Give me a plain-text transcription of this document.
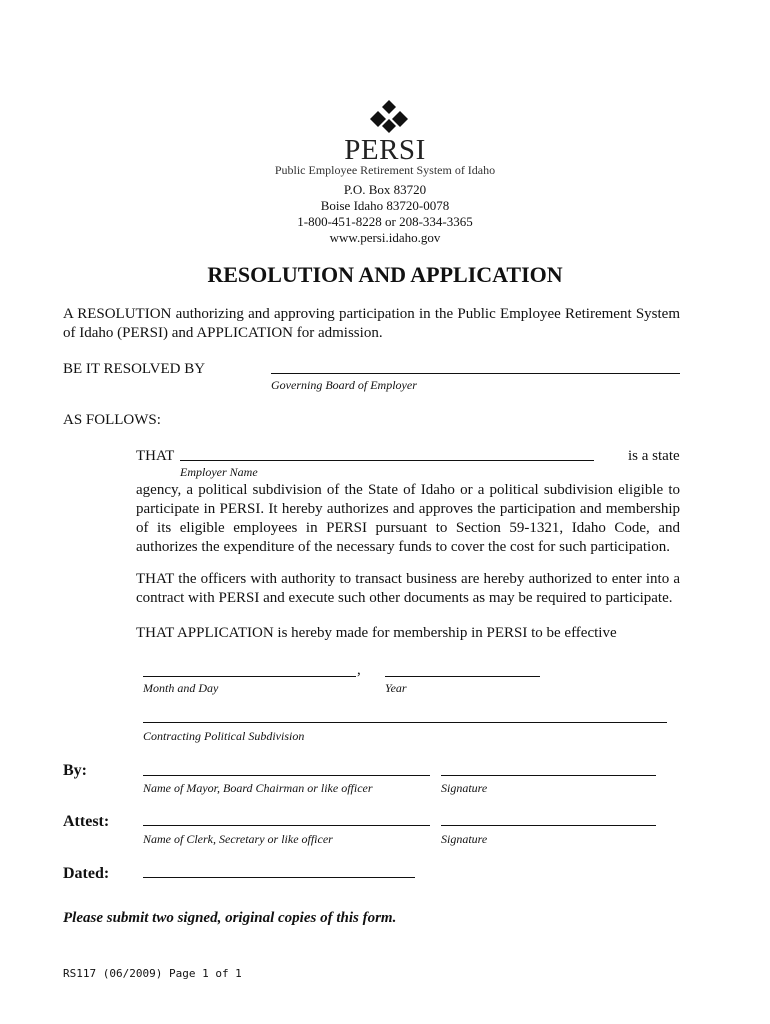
PERSI
Public Employee Retirement System of Idaho
P.O. Box 83720
Boise Idaho 83720-0078
1-800-451-8228 or 208-334-3365
www.persi.idaho.gov
RESOLUTION AND APPLICATION
A RESOLUTION authorizing and approving participation in the Public Employee Retirement System of Idaho (PERSI) and APPLICATION for admission.
BE IT RESOLVED BY
Governing Board of Employer
AS FOLLOWS:
THAT	is a state
Employer Name
agency, a political subdivision of the State of Idaho or a political subdivision eligible to participate in PERSI. It hereby authorizes and approves the participation and membership of its eligible employees in PERSI pursuant to Section 59-1321, Idaho Code, and authorizes the expenditure of the necessary funds to cover the cost for such participation.
THAT the officers with authority to transact business are hereby authorized to enter into a contract with PERSI and execute such other documents as may be required to participate.
THAT APPLICATION is hereby made for membership in PERSI to be effective
,
Month and Day	Year
Contracting Political Subdivision
By:
Name of Mayor, Board Chairman or like officer	Signature
Attest:
Name of Clerk, Secretary or like officer	Signature
Dated:
Please submit two signed, original copies of this form.
RS117 (06/2009) Page 1 of 1
